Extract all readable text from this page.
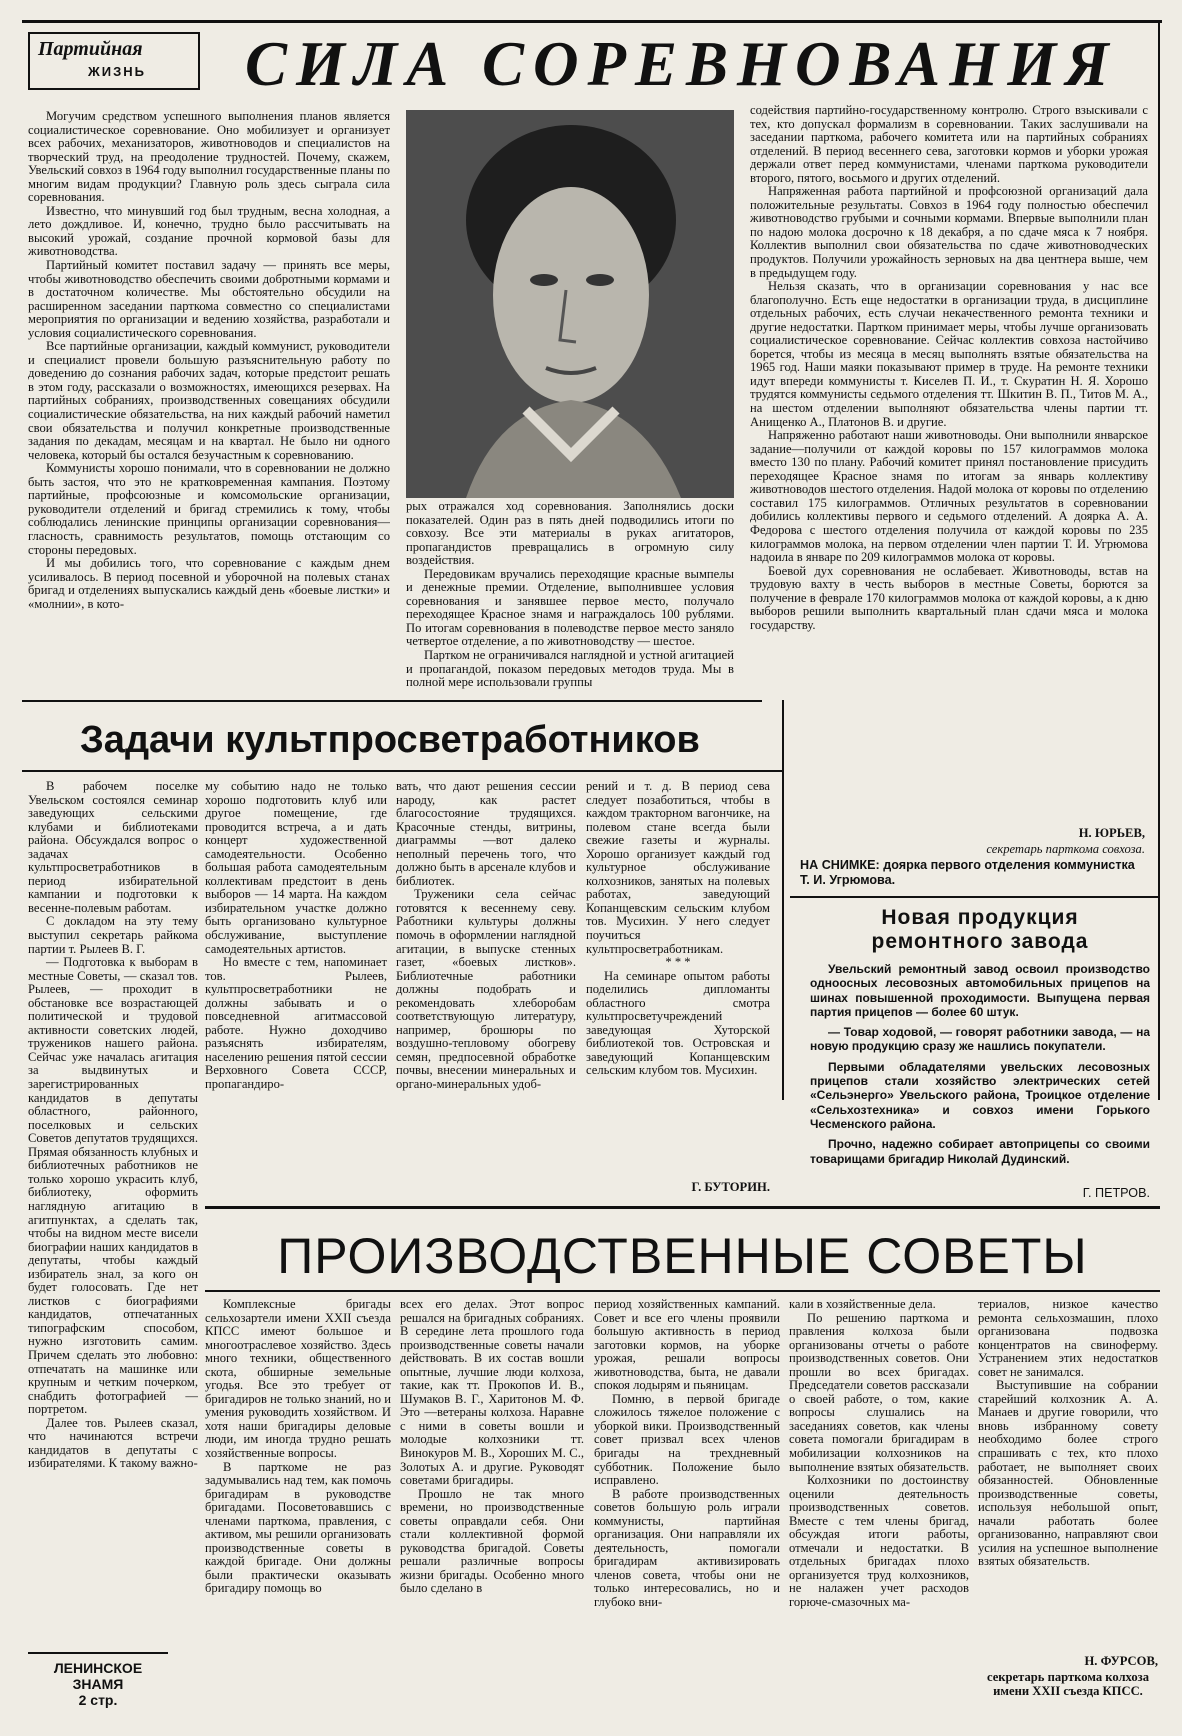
Партийная
ЖИЗНЬ СИЛА СОРЕВНОВАНИЯ

Могучим средством успешного выполнения планов является социалистическое соревнование. Оно мобилизует и организует всех рабочих, механизаторов, животноводов и специалистов на творческий труд, на преодоление трудностей. Почему, скажем, Увельский совхоз в 1964 году выполнил государственные планы по многим видам продукции? Главную роль здесь сыграла сила соревнования.

Известно, что минувший год был трудным, весна холодная, а лето дождливое. И, конечно, трудно было рассчитывать на высокий урожай, создание прочной кормовой базы для животноводства.

Партийный комитет поставил задачу — принять все меры, чтобы животноводство обеспечить своими добротными кормами и в достаточном количестве. Мы обстоятельно обсудили на расширенном заседании парткома совместно со специалистами мероприятия по организации и ведению хозяйства, разработали и условия социалистического соревнования.

Все партийные организации, каждый коммунист, руководители и специалист провели большую разъяснительную работу по доведению до сознания рабочих задач, которые предстоит решать в этом году, рассказали о возможностях, имеющихся резервах. На партийных собраниях, производственных совещаниях обсудили социалистические обязательства, на них каждый рабочий наметил свои обязательства и получил конкретные производственные задания по декадам, месяцам и на квартал. Не было ни одного человека, который бы остался безучастным к соревнованию.

Коммунисты хорошо понимали, что в соревновании не должно быть застоя, что это не кратковременная кампания. Поэтому партийные, профсоюзные и комсомольские организации, руководители отделений и бригад стремились к тому, чтобы соблюдались ленинские принципы организации соревнования—гласность, сравнимость результатов, помощь отстающим со стороны передовых.

И мы добились того, что соревнование с каждым днем усиливалось. В период посевной и уборочной на полевых станах бригад и отделениях выпускались каждый день «боевые листки» и «молнии», в кото-

рых отражался ход соревнования. Заполнялись доски показателей. Один раз в пять дней подводились итоги по совхозу. Все эти материалы в руках агитаторов, пропагандистов превращались в огромную силу воздействия.

Передовикам вручались переходящие красные вымпелы и денежные премии. Отделение, выполнившее условия соревнования и занявшее первое место, получало переходящее Красное знамя и награждалось 100 рублями. По итогам соревнования в полеводстве первое место заняло четвертое отделение, а по животноводству — шестое.

Партком не ограничивался наглядной и устной агитацией и пропагандой, показом передовых методов труда. Мы в полной мере использовали группы

содействия партийно-государственному контролю. Строго взыскивали с тех, кто допускал формализм в соревновании. Таких заслушивали на заседании парткома, рабочего комитета или на партийных собраниях отделений. В период весеннего сева, заготовки кормов и уборки урожая держали ответ перед коммунистами, членами парткома руководители второго, пятого, восьмого и других отделений.

Напряженная работа партийной и профсоюзной организаций дала положительные результаты. Совхоз в 1964 году полностью обеспечил животноводство грубыми и сочными кормами. Впервые выполнили план по надою молока досрочно к 18 декабря, а по сдаче мяса к 7 ноября. Коллектив выполнил свои обязательства по сдаче животноводческих продуктов. Получили урожайность зерновых на два центнера выше, чем в предыдущем году.

Нельзя сказать, что в организации соревнования у нас все благополучно. Есть еще недостатки в организации труда, в дисциплине отдельных рабочих, есть случаи некачественного ремонта техники и другие недостатки. Партком принимает меры, чтобы лучше организовать социалистическое соревнование. Сейчас коллектив совхоза настойчиво борется, чтобы из месяца в месяц выполнять взятые обязательства на 1965 год. Наши маяки показывают пример в труде. На ремонте техники идут впереди коммунисты т. Киселев П. И., т. Скуратин Н. Я. Хорошо трудятся коммунисты седьмого отделения тт. Шкитин В. П., Титов М. А., на шестом отделении выполняют обязательства члены партии тт. Анищенко А., Платонов В. и другие.

Напряженно работают наши животноводы. Они выполнили январское задание—получили от каждой коровы по 157 килограммов молока вместо 130 по плану. Рабочий комитет принял постановление присудить переходящее Красное знамя по итогам за январь коллективу животноводов шестого отделения. Надой молока от коровы по отделению составил 175 килограммов. Отличных результатов в соревновании добились коллективы первого и седьмого отделений. А доярка А. А. Федорова с шестого отделения получила от каждой коровы по 235 килограммов молока, на первом отделении член партии Т. И. Угрюмова надоила в январе по 209 килограммов молока от коровы.

Боевой дух соревнования не ослабевает. Животноводы, встав на трудовую вахту в честь выборов в местные Советы, борются за получение в феврале 170 килограммов молока от каждой коровы, а к дню выборов решили выполнить квартальный план сдачи мяса и молока государству.

Н. ЮРЬЕВ,
секретарь парткома совхоза.
НА СНИМКЕ: доярка первого отделения коммунистка Т. И. Угрюмова.
Задачи культпросветработников

В рабочем поселке Увельском состоялся семинар заведующих сельскими клубами и библиотеками района. Обсуждался вопрос о задачах культпросветработников в период избирательной кампании и подготовки к весенне-полевым работам.

С докладом на эту тему выступил секретарь райкома партии т. Рылеев В. Г.

— Подготовка к выборам в местные Советы, — сказал тов. Рылеев, — проходит в обстановке все возрастающей политической и трудовой активности советских людей, тружеников нашего района. Сейчас уже началась агитация за выдвинутых и зарегистрированных кандидатов в депутаты областного, районного, поселковых и сельских Советов депутатов трудящихся. Прямая обязанность клубных и библиотечных работников не только хорошо украсить клуб, библиотеку, оформить наглядную агитацию в агитпунктах, а сделать так, чтобы на видном месте висели биографии наших кандидатов в депутаты, чтобы каждый избиратель знал, за кого он будет голосовать. Где нет листков с биографиями кандидатов, отпечатанных типографским способом, нужно изготовить самим. Причем сделать это любовно: отпечатать на машинке или крупным и четким почерком, снабдить фотографией — портретом.

Далее тов. Рылеев сказал, что начинаются встречи кандидатов в депутаты с избирателями. К такому важно-

му событию надо не только хорошо подготовить клуб или другое помещение, где проводится встреча, а и дать концерт художественной самодеятельности. Особенно большая работа самодеятельным коллективам предстоит в день выборов — 14 марта. На каждом избирательном участке должно быть организовано культурное обслуживание, выступление самодеятельных артистов.

Но вместе с тем, напоминает тов. Рылеев, культпросветработники не должны забывать и о повседневной агитмассовой работе. Нужно доходчиво разъяснять избирателям, населению решения пятой сессии Верховного Совета СССР, пропагандиро-

вать, что дают решения сессии народу, как растет благосостояние трудящихся. Красочные стенды, витрины, диаграммы —вот далеко неполный перечень того, что должно быть в арсенале клубов и библиотек.

Труженики села сейчас готовятся к весеннему севу. Работники культуры должны помочь в оформлении наглядной агитации, в выпуске стенных газет, «боевых листков». Библиотечные работники должны подобрать и рекомендовать хлеборобам соответствующую литературу, например, брошюры по воздушно-тепловому обогреву семян, предпосевной обработке почвы, внесении минеральных и органо-минеральных удоб-

рений и т. д. В период сева следует позаботиться, чтобы в каждом тракторном вагончике, на полевом стане всегда были свежие газеты и журналы. Хорошо организует каждый год культурное обслуживание колхозников, занятых на полевых работах, заведующий Копанщевским сельским клубом тов. Мусихин. У него следует поучиться культпросветработникам.

* * *

На семинаре опытом работы поделились дипломанты областного смотра культпросветучреждений заведующая Хуторской библиотекой тов. Островская и заведующий Копанщевским сельским клубом тов. Мусихин.

Г. БУТОРИН.
Новая продукция
ремонтного завода

Увельский ремонтный завод освоил производство одноосных лесовозных автомобильных прицепов на шинах повышенной проходимости. Выпущена первая партия прицепов — более 60 штук.

— Товар ходовой, — говорят работники завода, — на новую продукцию сразу же нашлись покупатели.

Первыми обладателями увельских лесовозных прицепов стали хозяйство электрических сетей «Сельэнерго» Увельского района, Троицкое отделение «Сельхозтехника» и совхоз имени Горького Чесменского района.

Прочно, надежно собирает автоприцепы со своими товарищами бригадир Николай Дудинский.

Г. ПЕТРОВ.
ПРОИЗВОДСТВЕННЫЕ СОВЕТЫ

Комплексные бригады сельхозартели имени XXII съезда КПСС имеют большое и многоотраслевое хозяйство. Здесь много техники, общественного скота, обширные земельные угодья. Все это требует от бригадиров не только знаний, но и умения руководить хозяйством. И хотя наши бригадиры деловые люди, им иногда трудно решать хозяйственные вопросы.

В парткоме не раз задумывались над тем, как помочь бригадирам в руководстве бригадами. Посоветовавшись с членами парткома, правления, с активом, мы решили организовать производственные советы в каждой бригаде. Они должны были практически оказывать бригадиру помощь во

всех его делах. Этот вопрос решался на бригадных собраниях. В середине лета прошлого года производственные советы начали действовать. В их состав вошли опытные, лучшие люди колхоза, такие, как тт. Прокопов И. В., Шумаков В. Г., Харитонов М. Ф. Это —ветераны колхоза. Наравне с ними в советы вошли и молодые колхозники тт. Винокуров М. В., Хороших М. С., Золотых А. и другие. Руководят советами бригадиры.

Прошло не так много времени, но производственные советы оправдали себя. Они стали коллективной формой руководства бригадой. Советы решали различные вопросы жизни бригады. Особенно много было сделано в

период хозяйственных кампаний. Совет и все его члены проявили большую активность в период заготовки кормов, на уборке урожая, решали вопросы животноводства, быта, не давали спокоя лодырям и пьяницам.

Помню, в первой бригаде сложилось тяжелое положение с уборкой вики. Производственный совет призвал всех членов бригады на трехдневный субботник. Положение было исправлено.

В работе производственных советов большую роль играли коммунисты, партийная организация. Они направляли их деятельность, помогали бригадирам активизировать членов совета, чтобы они не только интересовались, но и глубоко вни-

кали в хозяйственные дела.

По решению парткома и правления колхоза были организованы отчеты о работе производственных советов. Они прошли во всех бригадах. Председатели советов рассказали о своей работе, о том, какие вопросы слушались на заседаниях советов, как члены совета помогали бригадирам в мобилизации колхозников на выполнение взятых обязательств.

Колхозники по достоинству оценили деятельность производственных советов. Вместе с тем члены бригад, обсуждая итоги работы, отмечали и недостатки. В отдельных бригадах плохо организуется труд колхозников, не налажен учет расходов горюче-смазочных ма-

териалов, низкое качество ремонта сельхозмашин, плохо организована подвозка концентратов на свиноферму. Устранением этих недостатков совет не занимался.

Выступившие на собрании старейший колхозник А. А. Манаев и другие говорили, что вновь избранному совету необходимо более строго спрашивать с тех, кто плохо работает, не выполняет своих обязанностей. Обновленные производственные советы, используя небольшой опыт, начали работать более организованно, направляют свои усилия на успешное выполнение взятых обязательств.

Н. ФУРСОВ,
секретарь парткома колхоза имени XXII съезда КПСС.
ЛЕНИНСКОЕ
ЗНАМЯ
2 стр.
